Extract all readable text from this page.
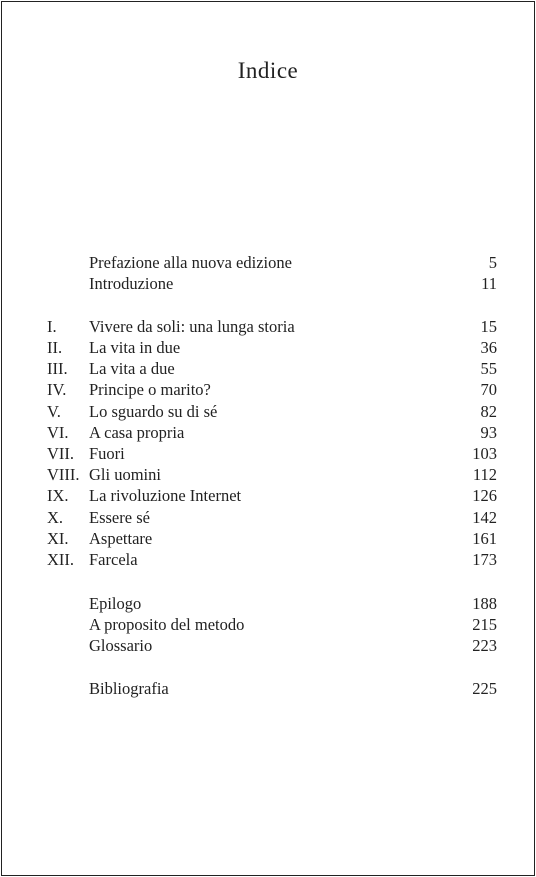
Indice
Prefazione alla nuova edizione	5
Introduzione	11
I. Vivere da soli: una lunga storia	15
II. La vita in due	36
III. La vita a due	55
IV. Principe o marito?	70
V. Lo sguardo su di sé	82
VI. A casa propria	93
VII. Fuori	103
VIII. Gli uomini	112
IX. La rivoluzione Internet	126
X. Essere sé	142
XI. Aspettare	161
XII. Farcela	173
Epilogo	188
A proposito del metodo	215
Glossario	223
Bibliografia	225
